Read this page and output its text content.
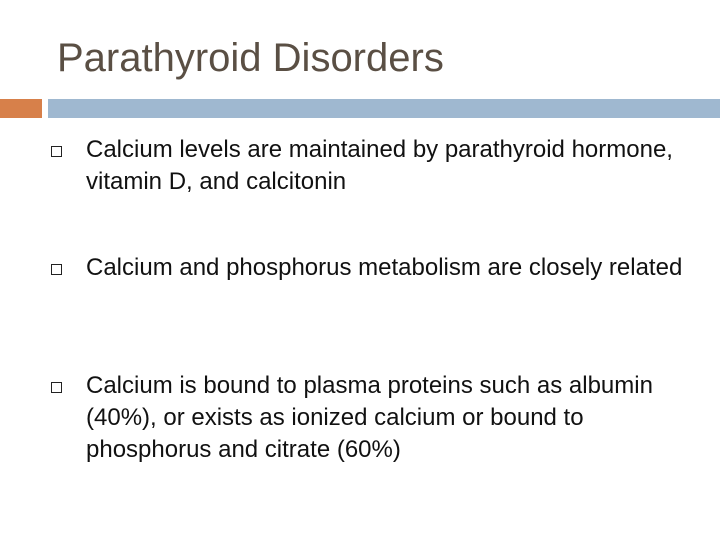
Parathyroid Disorders
Calcium levels are maintained by parathyroid hormone, vitamin D, and calcitonin
Calcium and phosphorus metabolism are closely related
Calcium is bound to plasma proteins such as albumin (40%), or exists as ionized calcium or bound to phosphorus and citrate (60%)
